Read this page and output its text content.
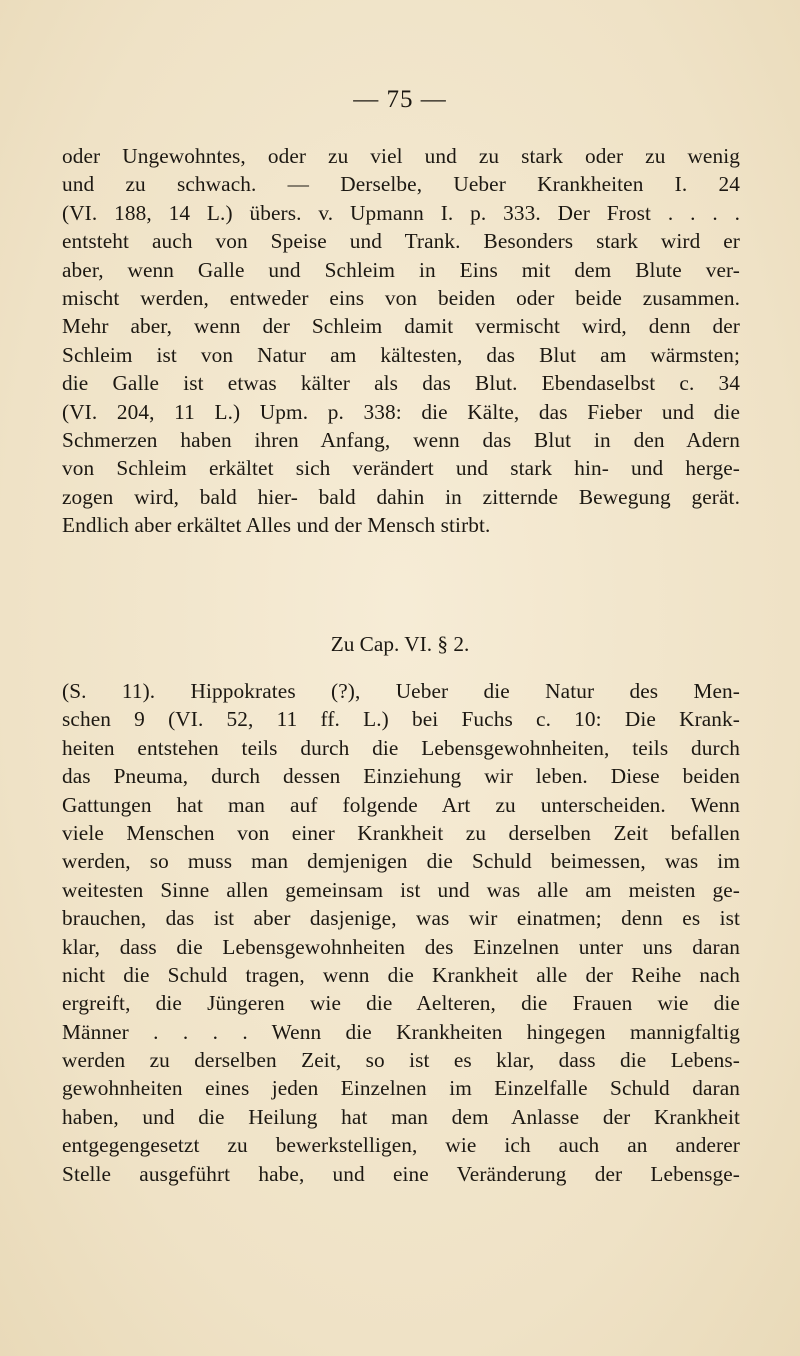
— 75 —
oder Ungewohntes, oder zu viel und zu stark oder zu wenig
und zu schwach. — Derselbe, Ueber Krankheiten I. 24
(VI. 188, 14 L.) übers. v. Upmann I. p. 333. Der Frost . . . .
entsteht auch von Speise und Trank. Besonders stark wird er
aber, wenn Galle und Schleim in Eins mit dem Blute ver-
mischt werden, entweder eins von beiden oder beide zusammen.
Mehr aber, wenn der Schleim damit vermischt wird, denn der
Schleim ist von Natur am kältesten, das Blut am wärmsten;
die Galle ist etwas kälter als das Blut. Ebendaselbst c. 34
(VI. 204, 11 L.) Upm. p. 338: die Kälte, das Fieber und die
Schmerzen haben ihren Anfang, wenn das Blut in den Adern
von Schleim erkältet sich verändert und stark hin- und herge-
zogen wird, bald hier- bald dahin in zitternde Bewegung gerät.
Endlich aber erkältet Alles und der Mensch stirbt.
Zu Cap. VI. § 2.
(S. 11). Hippokrates (?), Ueber die Natur des Men-
schen 9 (VI. 52, 11 ff. L.) bei Fuchs c. 10: Die Krank-
heiten entstehen teils durch die Lebensgewohnheiten, teils durch
das Pneuma, durch dessen Einziehung wir leben. Diese beiden
Gattungen hat man auf folgende Art zu unterscheiden. Wenn
viele Menschen von einer Krankheit zu derselben Zeit befallen
werden, so muss man demjenigen die Schuld beimessen, was im
weitesten Sinne allen gemeinsam ist und was alle am meisten ge-
brauchen, das ist aber dasjenige, was wir einatmen; denn es ist
klar, dass die Lebensgewohnheiten des Einzelnen unter uns daran
nicht die Schuld tragen, wenn die Krankheit alle der Reihe nach
ergreift, die Jüngeren wie die Aelteren, die Frauen wie die
Männer . . . . Wenn die Krankheiten hingegen mannigfaltig
werden zu derselben Zeit, so ist es klar, dass die Lebens-
gewohnheiten eines jeden Einzelnen im Einzelfalle Schuld daran
haben, und die Heilung hat man dem Anlasse der Krankheit
entgegengesetzt zu bewerkstelligen, wie ich auch an anderer
Stelle ausgeführt habe, und eine Veränderung der Lebensge-
